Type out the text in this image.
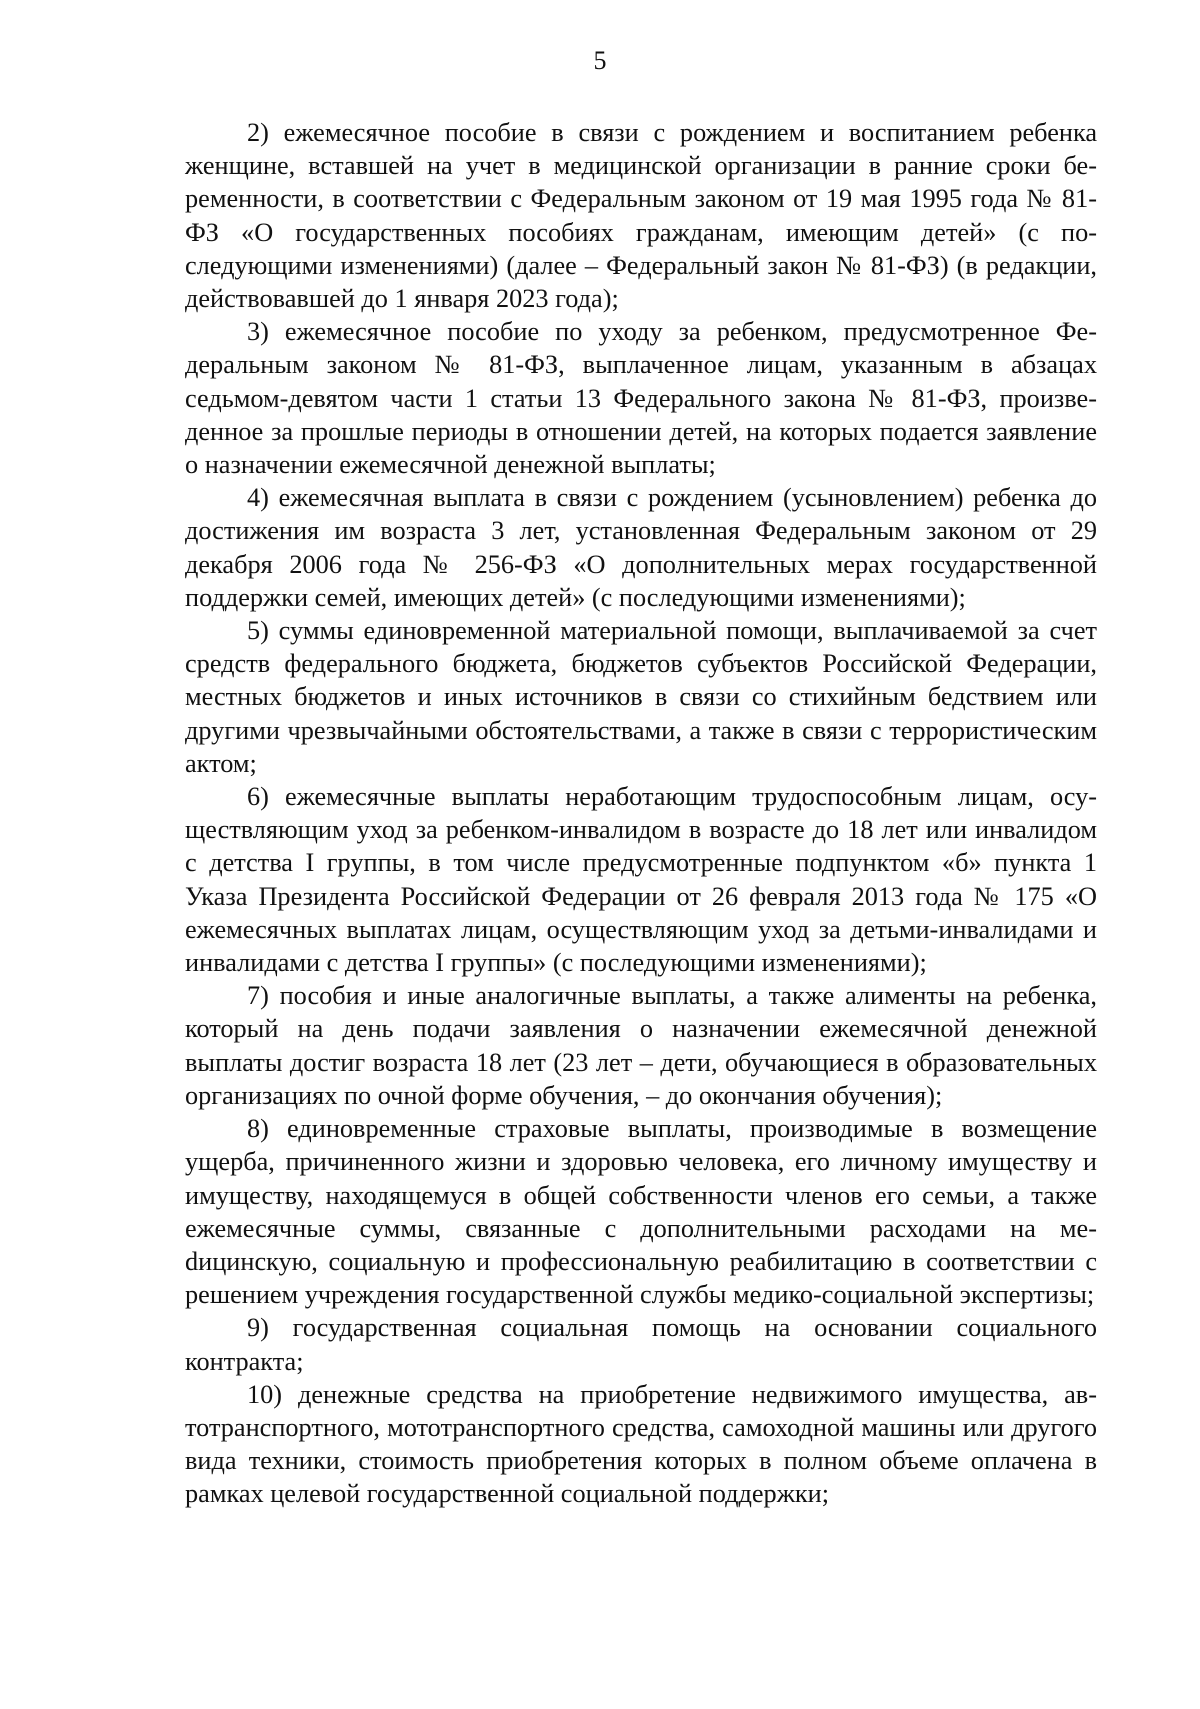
5

2) ежемесячное пособие в связи с рождением и воспитанием ребенка женщине, вставшей на учет в медицинской организации в ранние сроки беременности, в соответствии с Федеральным законом от 19 мая 1995 года № 81-ФЗ «О государственных пособиях гражданам, имеющим детей» (с последующими изменениями) (далее – Федеральный закон № 81-ФЗ) (в редакции, действовавшей до 1 января 2023 года);

3) ежемесячное пособие по уходу за ребенком, предусмотренное Федеральным законом № 81-ФЗ, выплаченное лицам, указанным в абзацах седьмом-девятом части 1 статьи 13 Федерального закона № 81-ФЗ, произведенное за прошлые периоды в отношении детей, на которых подается заявление о назначении ежемесячной денежной выплаты;

4) ежемесячная выплата в связи с рождением (усыновлением) ребенка до достижения им возраста 3 лет, установленная Федеральным законом от 29 декабря 2006 года № 256-ФЗ «О дополнительных мерах государственной поддержки семей, имеющих детей» (с последующими изменениями);

5) суммы единовременной материальной помощи, выплачиваемой за счет средств федерального бюджета, бюджетов субъектов Российской Федерации, местных бюджетов и иных источников в связи со стихийным бедствием или другими чрезвычайными обстоятельствами, а также в связи с террористическим актом;

6) ежемесячные выплаты неработающим трудоспособным лицам, осуществляющим уход за ребенком-инвалидом в возрасте до 18 лет или инвалидом с детства I группы, в том числе предусмотренные подпунктом «б» пункта 1 Указа Президента Российской Федерации от 26 февраля 2013 года № 175 «О ежемесячных выплатах лицам, осуществляющим уход за детьми-инвалидами и инвалидами с детства I группы» (с последующими изменениями);

7) пособия и иные аналогичные выплаты, а также алименты на ребенка, который на день подачи заявления о назначении ежемесячной денежной выплаты достиг возраста 18 лет (23 лет – дети, обучающиеся в образовательных организациях по очной форме обучения, – до окончания обучения);

8) единовременные страховые выплаты, производимые в возмещение ущерба, причиненного жизни и здоровью человека, его личному имуществу и имуществу, находящемуся в общей собственности членов его семьи, а также ежемесячные суммы, связанные с дополнительными расходами на меdицинскую, социальную и профессиональную реабилитацию в соответствии с решением учреждения государственной службы медико-социальной экспертизы;

9) государственная социальная помощь на основании социального контракта;

10) денежные средства на приобретение недвижимого имущества, автотранспортного, мототранспортного средства, самоходной машины или другого вида техники, стоимость приобретения которых в полном объеме оплачена в рамках целевой государственной социальной поддержки;
